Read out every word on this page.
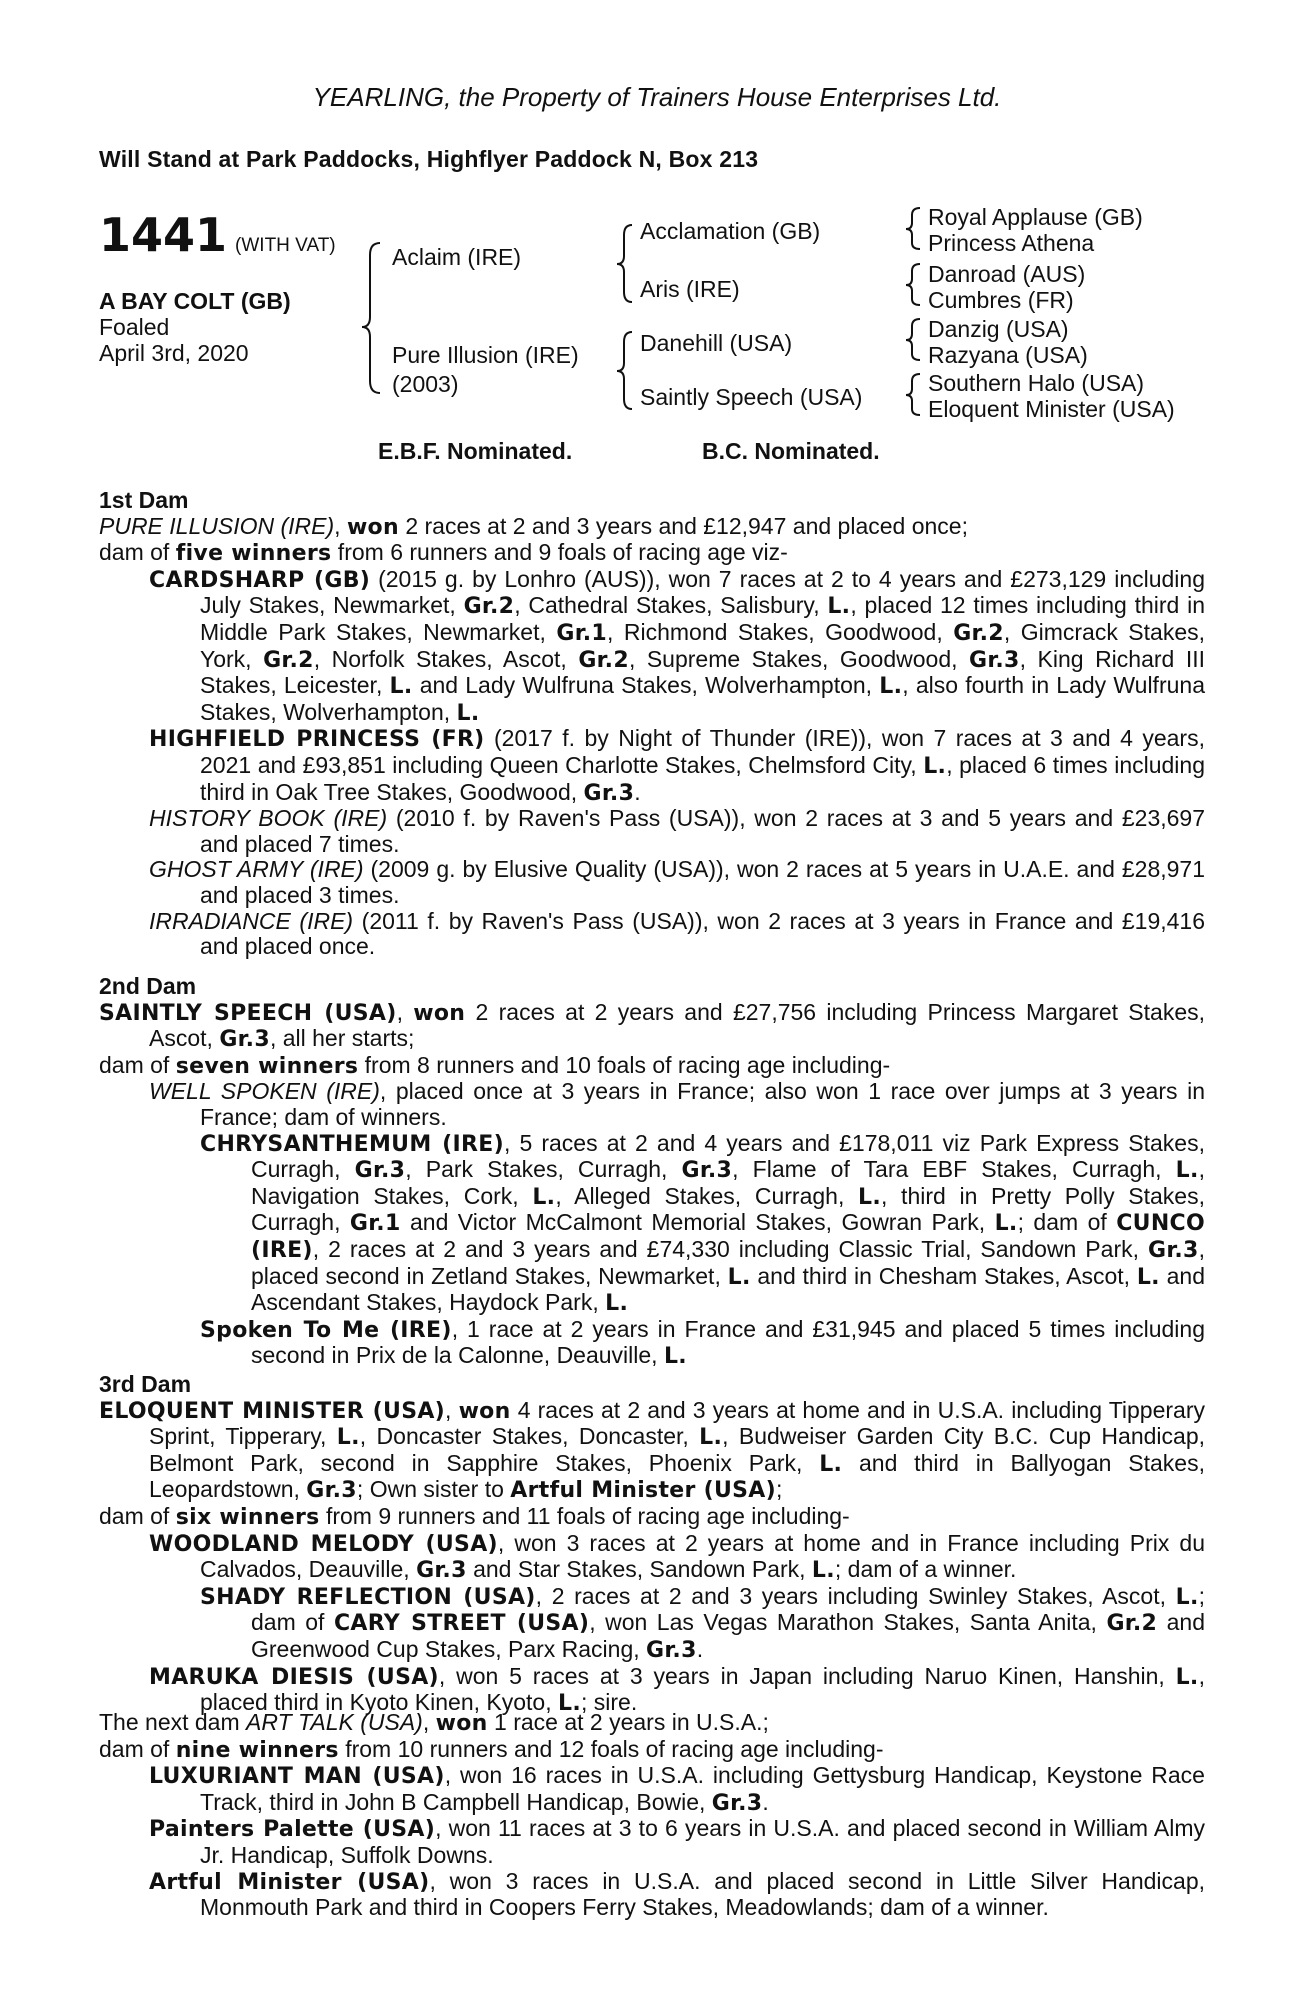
YEARLING, the Property of Trainers House Enterprises Ltd.
Will Stand at Park Paddocks, Highflyer Paddock N, Box 213
1441 (WITH VAT)
A BAY COLT (GB)
Foaled
April 3rd, 2020
Aclaim (IRE)
Pure Illusion (IRE)
(2003)
Acclamation (GB)
Aris (IRE)
Danehill (USA)
Saintly Speech (USA)
Royal Applause (GB)
Princess Athena
Danroad (AUS)
Cumbres (FR)
Danzig (USA)
Razyana (USA)
Southern Halo (USA)
Eloquent Minister (USA)
E.B.F. Nominated.	B.C. Nominated.
1st Dam

PURE ILLUSION (IRE), won 2 races at 2 and 3 years and £12,947 and placed once;

dam of five winners from 6 runners and 9 foals of racing age viz-

CARDSHARP (GB) (2015 g. by Lonhro (AUS)), won 7 races at 2 to 4 years and £273,129 including July Stakes, Newmarket, Gr.2, Cathedral Stakes, Salisbury, L., placed 12 times including third in Middle Park Stakes, Newmarket, Gr.1, Richmond Stakes, Goodwood, Gr.2, Gimcrack Stakes, York, Gr.2, Norfolk Stakes, Ascot, Gr.2, Supreme Stakes, Goodwood, Gr.3, King Richard III Stakes, Leicester, L. and Lady Wulfruna Stakes, Wolverhampton, L., also fourth in Lady Wulfruna Stakes, Wolverhampton, L.

HIGHFIELD PRINCESS (FR) (2017 f. by Night of Thunder (IRE)), won 7 races at 3 and 4 years, 2021 and £93,851 including Queen Charlotte Stakes, Chelmsford City, L., placed 6 times including third in Oak Tree Stakes, Goodwood, Gr.3.

HISTORY BOOK (IRE) (2010 f. by Raven's Pass (USA)), won 2 races at 3 and 5 years and £23,697 and placed 7 times.

GHOST ARMY (IRE) (2009 g. by Elusive Quality (USA)), won 2 races at 5 years in U.A.E. and £28,971 and placed 3 times.

IRRADIANCE (IRE) (2011 f. by Raven's Pass (USA)), won 2 races at 3 years in France and £19,416 and placed once.

2nd Dam

SAINTLY SPEECH (USA), won 2 races at 2 years and £27,756 including Princess Margaret Stakes, Ascot, Gr.3, all her starts;

dam of seven winners from 8 runners and 10 foals of racing age including-

WELL SPOKEN (IRE), placed once at 3 years in France; also won 1 race over jumps at 3 years in France; dam of winners.

CHRYSANTHEMUM (IRE), 5 races at 2 and 4 years and £178,011 viz Park Express Stakes, Curragh, Gr.3, Park Stakes, Curragh, Gr.3, Flame of Tara EBF Stakes, Curragh, L., Navigation Stakes, Cork, L., Alleged Stakes, Curragh, L., third in Pretty Polly Stakes, Curragh, Gr.1 and Victor McCalmont Memorial Stakes, Gowran Park, L.; dam of CUNCO (IRE), 2 races at 2 and 3 years and £74,330 including Classic Trial, Sandown Park, Gr.3, placed second in Zetland Stakes, Newmarket, L. and third in Chesham Stakes, Ascot, L. and Ascendant Stakes, Haydock Park, L.

Spoken To Me (IRE), 1 race at 2 years in France and £31,945 and placed 5 times including second in Prix de la Calonne, Deauville, L.

3rd Dam

ELOQUENT MINISTER (USA), won 4 races at 2 and 3 years at home and in U.S.A. including Tipperary Sprint, Tipperary, L., Doncaster Stakes, Doncaster, L., Budweiser Garden City B.C. Cup Handicap, Belmont Park, second in Sapphire Stakes, Phoenix Park, L. and third in Ballyogan Stakes, Leopardstown, Gr.3; Own sister to Artful Minister (USA);

dam of six winners from 9 runners and 11 foals of racing age including-

WOODLAND MELODY (USA), won 3 races at 2 years at home and in France including Prix du Calvados, Deauville, Gr.3 and Star Stakes, Sandown Park, L.; dam of a winner.

SHADY REFLECTION (USA), 2 races at 2 and 3 years including Swinley Stakes, Ascot, L.; dam of CARY STREET (USA), won Las Vegas Marathon Stakes, Santa Anita, Gr.2 and Greenwood Cup Stakes, Parx Racing, Gr.3.

MARUKA DIESIS (USA), won 5 races at 3 years in Japan including Naruo Kinen, Hanshin, L., placed third in Kyoto Kinen, Kyoto, L.; sire.

The next dam ART TALK (USA), won 1 race at 2 years in U.S.A.;

dam of nine winners from 10 runners and 12 foals of racing age including-

LUXURIANT MAN (USA), won 16 races in U.S.A. including Gettysburg Handicap, Keystone Race Track, third in John B Campbell Handicap, Bowie, Gr.3.

Painters Palette (USA), won 11 races at 3 to 6 years in U.S.A. and placed second in William Almy Jr. Handicap, Suffolk Downs.

Artful Minister (USA), won 3 races in U.S.A. and placed second in Little Silver Handicap, Monmouth Park and third in Coopers Ferry Stakes, Meadowlands; dam of a winner.
